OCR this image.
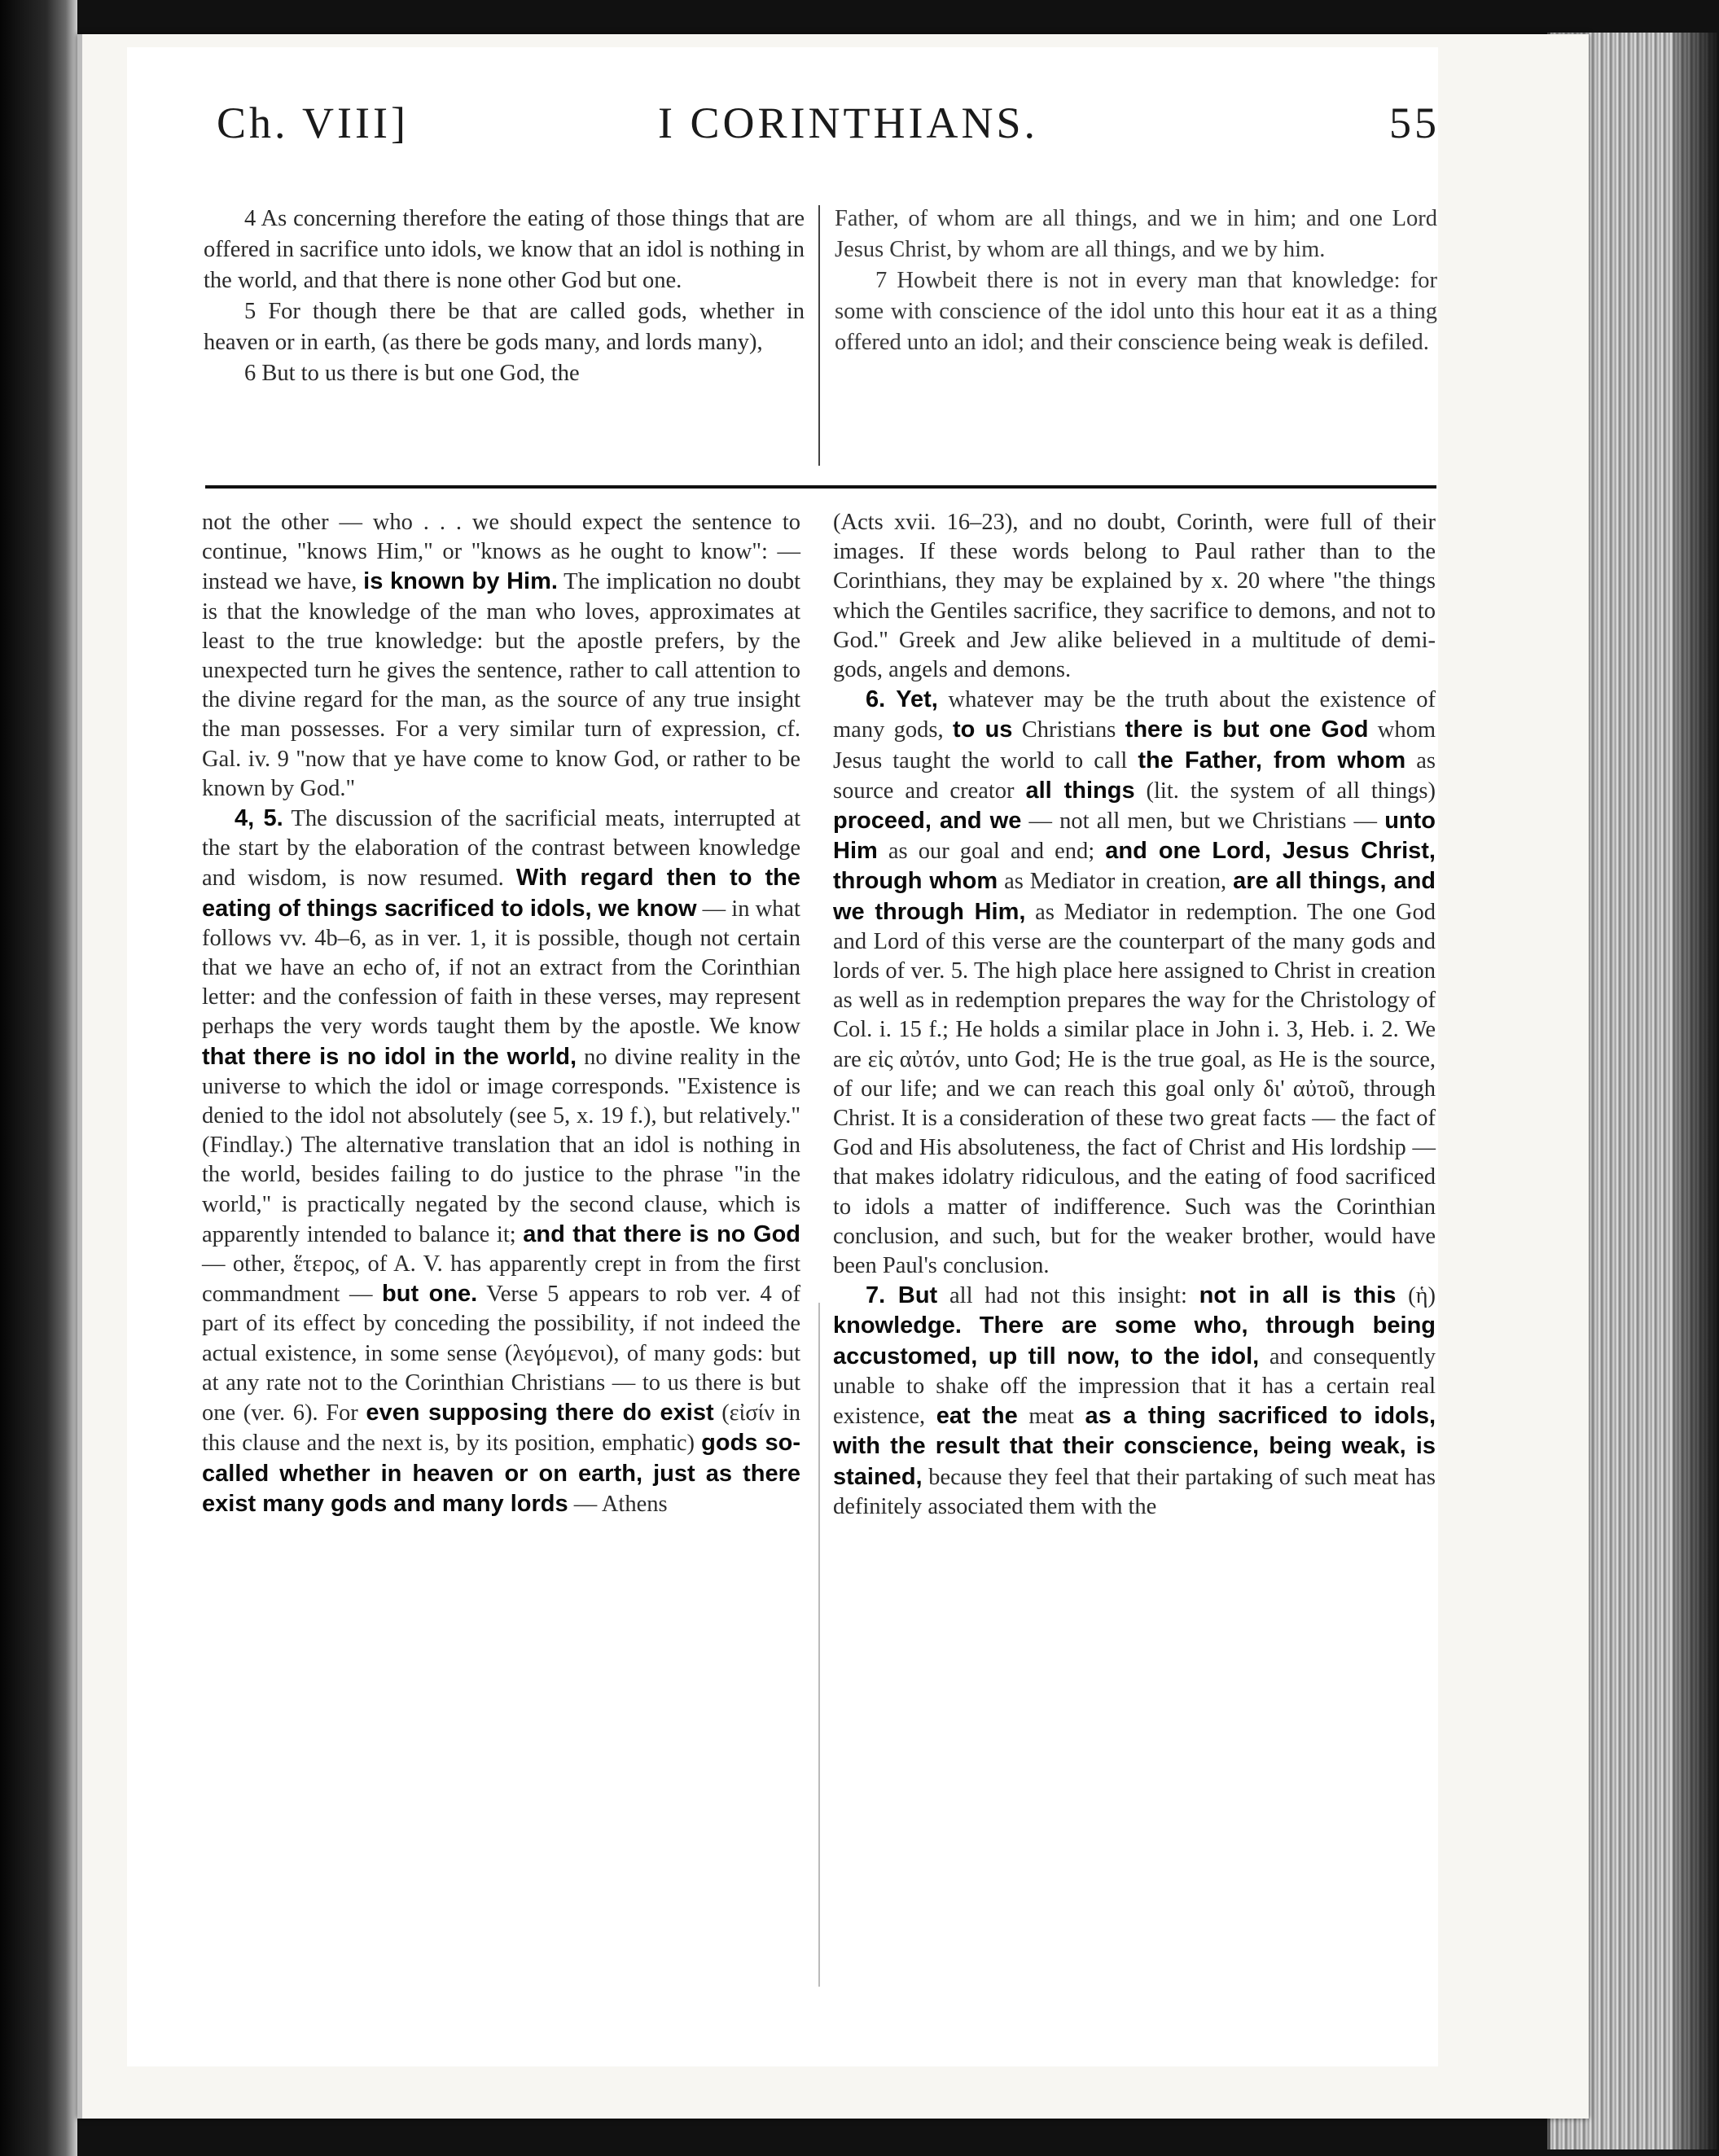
Ch. VIII]	I CORINTHIANS.	55

4 As concerning therefore the eating of those things that are offered in sacrifice unto idols, we know that an idol is nothing in the world, and that there is none other God but one.

5 For though there be that are called gods, whether in heaven or in earth, (as there be gods many, and lords many),

6 But to us there is but one God, the

Father, of whom are all things, and we in him; and one Lord Jesus Christ, by whom are all things, and we by him.

7 Howbeit there is not in every man that knowledge: for some with conscience of the idol unto this hour eat it as a thing offered unto an idol; and their conscience being weak is defiled.

not the other — who . . . we should expect the sentence to continue, "knows Him," or "knows as he ought to know": — instead we have, is known by Him. The implication no doubt is that the knowledge of the man who loves, approximates at least to the true knowledge: but the apostle prefers, by the unexpected turn he gives the sentence, rather to call attention to the divine regard for the man, as the source of any true insight the man possesses. For a very similar turn of expression, cf. Gal. iv. 9 "now that ye have come to know God, or rather to be known by God."

4, 5. The discussion of the sacrificial meats, interrupted at the start by the elaboration of the contrast between knowledge and wisdom, is now resumed. With regard then to the eating of things sacrificed to idols, we know — in what follows vv. 4b–6, as in ver. 1, it is possible, though not certain that we have an echo of, if not an extract from the Corinthian letter: and the confession of faith in these verses, may represent perhaps the very words taught them by the apostle. We know that there is no idol in the world, no divine reality in the universe to which the idol or image corresponds. "Existence is denied to the idol not absolutely (see 5, x. 19 f.), but relatively." (Findlay.) The alternative translation that an idol is nothing in the world, besides failing to do justice to the phrase "in the world," is practically negated by the second clause, which is apparently intended to balance it; and that there is no God — other, ἕτερος, of A. V. has apparently crept in from the first commandment — but one. Verse 5 appears to rob ver. 4 of part of its effect by conceding the possibility, if not indeed the actual existence, in some sense (λεγόμενοι), of many gods: but at any rate not to the Corinthian Christians — to us there is but one (ver. 6). For even supposing there do exist (εἰσίν in this clause and the next is, by its position, emphatic) gods so-called whether in heaven or on earth, just as there exist many gods and many lords — Athens

(Acts xvii. 16–23), and no doubt, Corinth, were full of their images. If these words belong to Paul rather than to the Corinthians, they may be explained by x. 20 where "the things which the Gentiles sacrifice, they sacrifice to demons, and not to God." Greek and Jew alike believed in a multitude of demi-gods, angels and demons.

6. Yet, whatever may be the truth about the existence of many gods, to us Christians there is but one God whom Jesus taught the world to call the Father, from whom as source and creator all things (lit. the system of all things) proceed, and we — not all men, but we Christians — unto Him as our goal and end; and one Lord, Jesus Christ, through whom as Mediator in creation, are all things, and we through Him, as Mediator in redemption. The one God and Lord of this verse are the counterpart of the many gods and lords of ver. 5. The high place here assigned to Christ in creation as well as in redemption prepares the way for the Christology of Col. i. 15 f.; He holds a similar place in John i. 3, Heb. i. 2. We are εἰς αὐτόν, unto God; He is the true goal, as He is the source, of our life; and we can reach this goal only δι' αὐτοῦ, through Christ. It is a consideration of these two great facts — the fact of God and His absoluteness, the fact of Christ and His lordship — that makes idolatry ridiculous, and the eating of food sacrificed to idols a matter of indifference. Such was the Corinthian conclusion, and such, but for the weaker brother, would have been Paul's conclusion.

7. But all had not this insight: not in all is this (ἡ) knowledge. There are some who, through being accustomed, up till now, to the idol, and consequently unable to shake off the impression that it has a certain real existence, eat the meat as a thing sacrificed to idols, with the result that their conscience, being weak, is stained, because they feel that their partaking of such meat has definitely associated them with the
